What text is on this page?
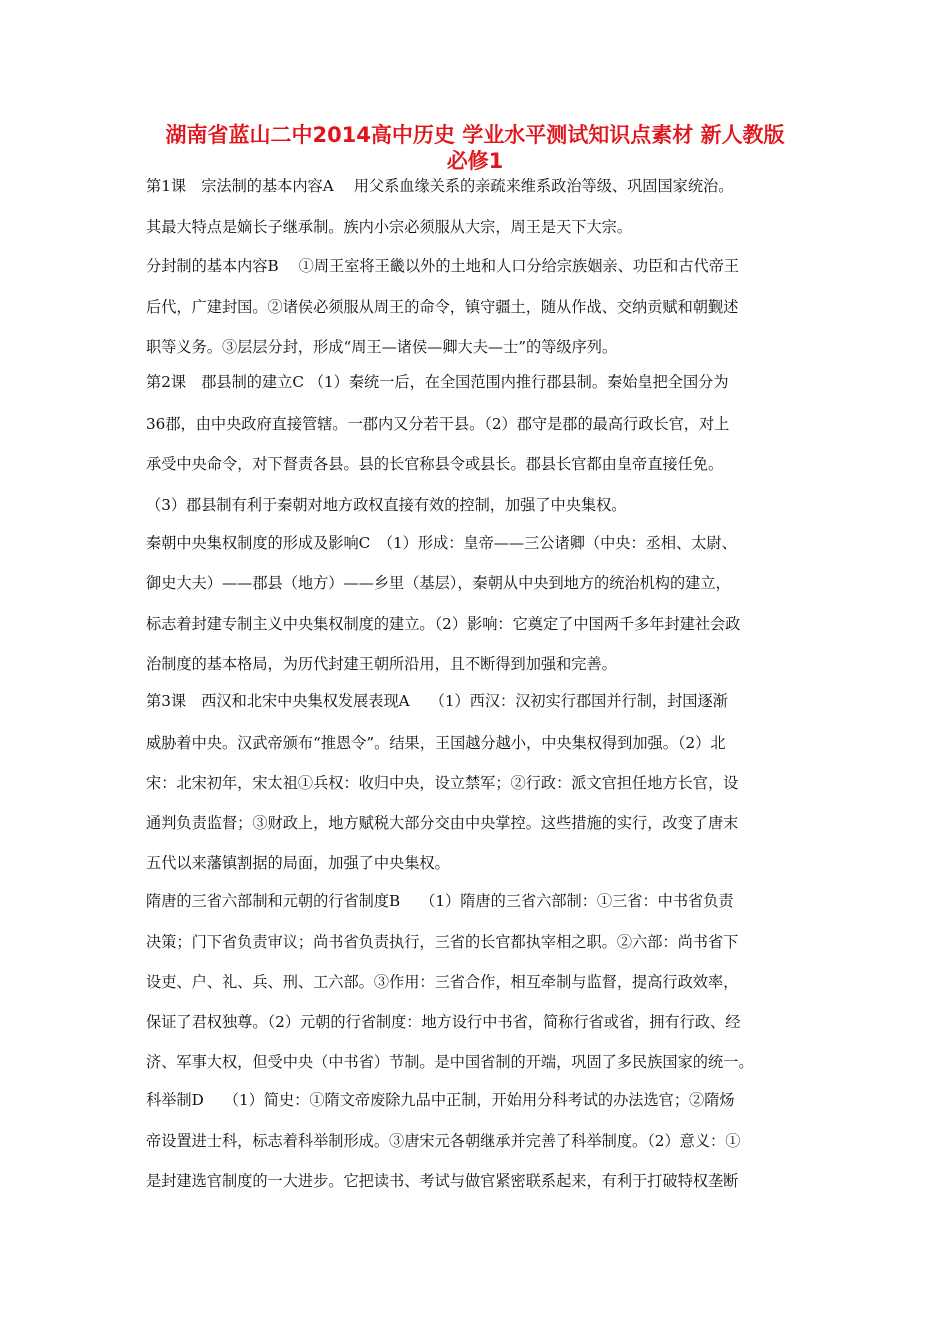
湖南省蓝山二中2014高中历史 学业水平测试知识点素材 新人教版
必修1
第1课　宗法制的基本内容A　 用父系血缘关系的亲疏来维系政治等级、巩固国家统治。
其最大特点是嫡长子继承制。族内小宗必须服从大宗，周王是天下大宗。
分封制的基本内容B　 ①周王室将王畿以外的土地和人口分给宗族姻亲、功臣和古代帝王
后代，广建封国。②诸侯必须服从周王的命令，镇守疆土，随从作战、交纳贡赋和朝觐述
职等义务。③层层分封，形成“周王—诸侯—卿大夫—士”的等级序列。
第2课　郡县制的建立C （1）秦统一后，在全国范围内推行郡县制。秦始皇把全国分为
36郡，由中央政府直接管辖。一郡内又分若干县。（2）郡守是郡的最高行政长官，对上
承受中央命令，对下督责各县。县的长官称县令或县长。郡县长官都由皇帝直接任免。
（3）郡县制有利于秦朝对地方政权直接有效的控制，加强了中央集权。
秦朝中央集权制度的形成及影响C　（1）形成：皇帝——三公诸卿（中央：丞相、太尉、
御史大夫）——郡县（地方）——乡里（基层），秦朝从中央到地方的统治机构的建立，
标志着封建专制主义中央集权制度的建立。（2）影响：它奠定了中国两千多年封建社会政
治制度的基本格局，为历代封建王朝所沿用，且不断得到加强和完善。
第3课　西汉和北宋中央集权发展表现A　 （1）西汉：汉初实行郡国并行制，封国逐渐
威胁着中央。汉武帝颁布“推恩令”。结果，王国越分越小，中央集权得到加强。（2）北
宋：北宋初年，宋太祖①兵权：收归中央，设立禁军；②行政：派文官担任地方长官，设
通判负责监督；③财政上，地方赋税大部分交由中央掌控。这些措施的实行，改变了唐末
五代以来藩镇割据的局面，加强了中央集权。
隋唐的三省六部制和元朝的行省制度B　 （1）隋唐的三省六部制：①三省：中书省负责
决策；门下省负责审议；尚书省负责执行，三省的长官都执宰相之职。②六部：尚书省下
设吏、户、礼、兵、刑、工六部。③作用：三省合作，相互牵制与监督，提高行政效率，
保证了君权独尊。（2）元朝的行省制度：地方设行中书省，简称行省或省，拥有行政、经
济、军事大权，但受中央（中书省）节制。是中国省制的开端，巩固了多民族国家的统一。
科举制D　 （1）简史：①隋文帝废除九品中正制，开始用分科考试的办法选官；②隋炀
帝设置进士科，标志着科举制形成。③唐宋元各朝继承并完善了科举制度。（2）意义：①
是封建选官制度的一大进步。它把读书、考试与做官紧密联系起来，有利于打破特权垄断
